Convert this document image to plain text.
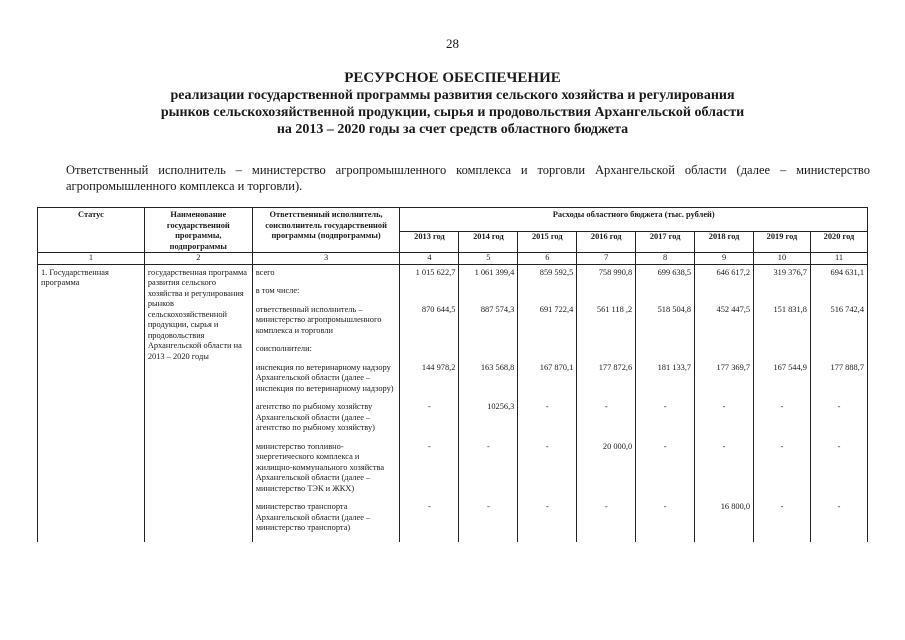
28
РЕСУРСНОЕ ОБЕСПЕЧЕНИЕ
реализации государственной программы развития сельского хозяйства и регулирования
рынков сельскохозяйственной продукции, сырья и продовольствия Архангельской области
на 2013 – 2020 годы за счет средств областного бюджета
Ответственный исполнитель – министерство агропромышленного комплекса и торговли Архангельской области (далее – министерство агропромышленного комплекса и торговли).
Статус	Наименование государственной программы, подпрограммы	Ответственный исполнитель, соисполнитель государственной программы (подпрограммы)	Расходы областного бюджета (тыс. рублей)							
			2013 год	2014 год	2015 год	2016 год	2017 год	2018 год	2019 год	2020 год
1	2	3	4	5	6	7	8	9	10	11
1. Государственная программа	государственная программа развития сельского хозяйства и регулирования рынков сельскохозяйственной продукции, сырья и продовольствия Архангельской области на 2013 – 2020 годы	всего	1 015 622,7	1 061 399,4	859 592,5	758 990,8	699 638,5	646 617,2	319 376,7	694 631,1

		в том числе:								

		ответственный исполнитель – министерство агропромышленного комплекса и торговли	870 644,5	887 574,3	691 722,4	561 118 ,2	518 504,8	452 447,5	151 831,8	516 742,4

		соисполнители:								

		инспекция по ветеринарному надзору Архангельской области (далее – инспекция по ветеринарному надзору)	144 978,2	163 568,8	167 870,1	177 872,6	181 133,7	177 369,7	167 544,9	177 888,7

		агентство по рыбному хозяйству Архангельской области (далее – агентство по рыбному хозяйству)	-	10256,3	-	-	-	-	-	-

		министерство топливно-энергетического комплекса и жилищно-коммунального хозяйства Архангельской области (далее – министерство ТЭК и ЖКХ)	-	-	-	20 000,0	-	-	-	-

		министерство транспорта Архангельской области (далее – министерство транспорта)	-	-	-	-	-	16 800,0	-	-
